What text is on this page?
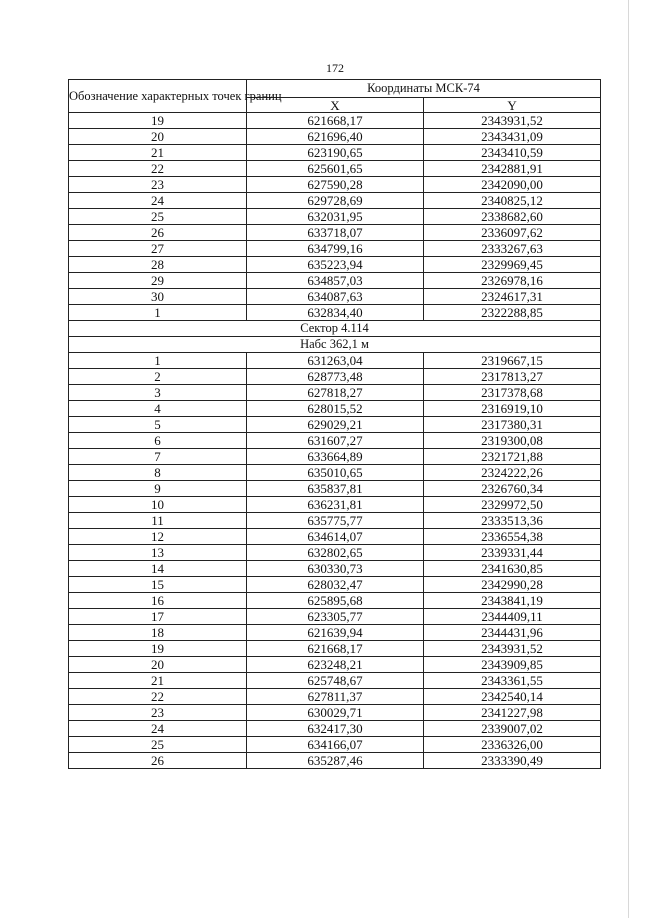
172
Обозначение характерных точек границ	Координаты МСК-74	
	X	Y
19	621668,17	2343931,52
20	621696,40	2343431,09
21	623190,65	2343410,59
22	625601,65	2342881,91
23	627590,28	2342090,00
24	629728,69	2340825,12
25	632031,95	2338682,60
26	633718,07	2336097,62
27	634799,16	2333267,63
28	635223,94	2329969,45
29	634857,03	2326978,16
30	634087,63	2324617,31
1	632834,40	2322288,85
Сектор 4.114		
Набс 362,1 м		
1	631263,04	2319667,15
2	628773,48	2317813,27
3	627818,27	2317378,68
4	628015,52	2316919,10
5	629029,21	2317380,31
6	631607,27	2319300,08
7	633664,89	2321721,88
8	635010,65	2324222,26
9	635837,81	2326760,34
10	636231,81	2329972,50
11	635775,77	2333513,36
12	634614,07	2336554,38
13	632802,65	2339331,44
14	630330,73	2341630,85
15	628032,47	2342990,28
16	625895,68	2343841,19
17	623305,77	2344409,11
18	621639,94	2344431,96
19	621668,17	2343931,52
20	623248,21	2343909,85
21	625748,67	2343361,55
22	627811,37	2342540,14
23	630029,71	2341227,98
24	632417,30	2339007,02
25	634166,07	2336326,00
26	635287,46	2333390,49
